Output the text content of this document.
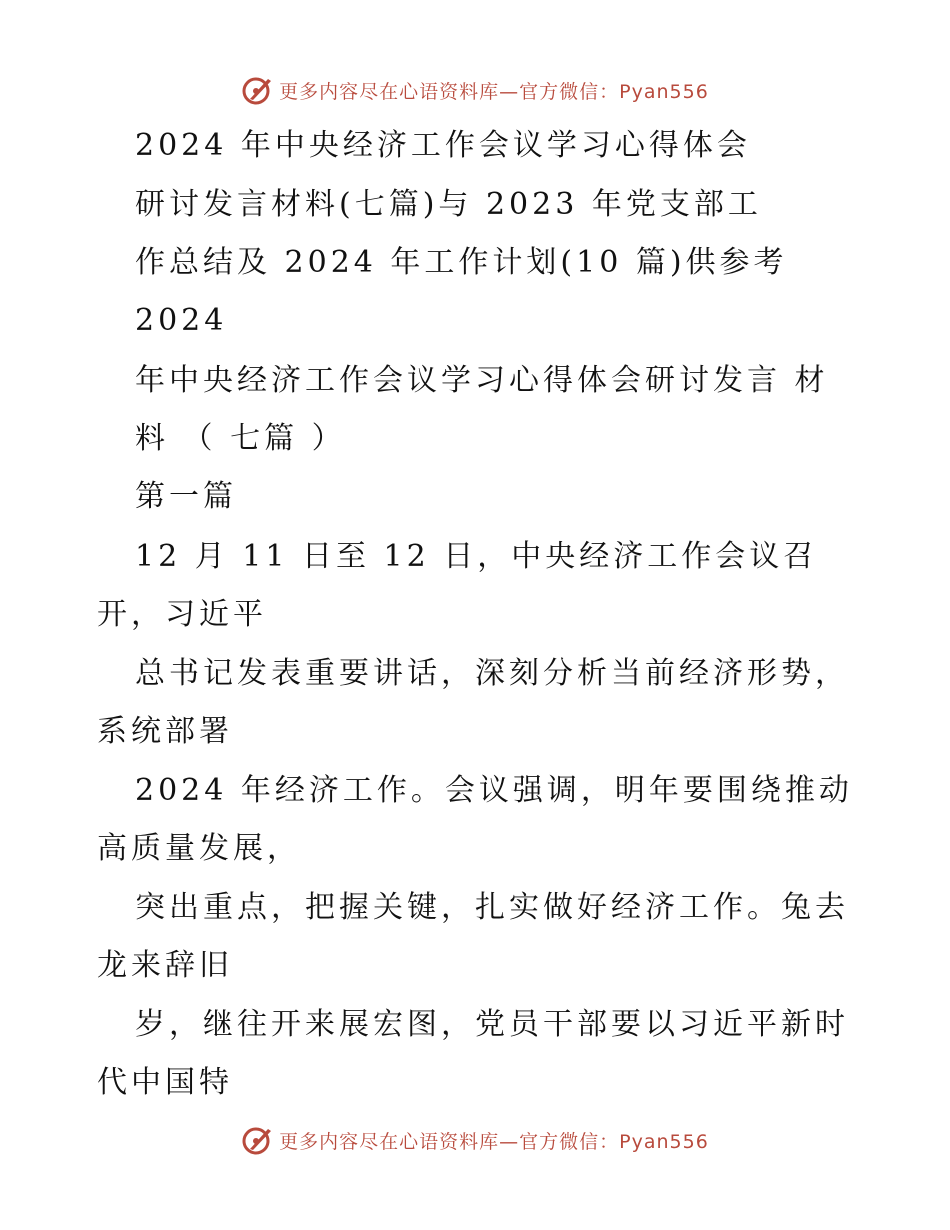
更多内容尽在心语资料库—官方微信：Pyan556
2024 年中央经济工作会议学习心得体会
研讨发言材料(七篇)与 2023 年党支部工
作总结及 2024 年工作计划(10 篇)供参考
2024
年中央经济工作会议学习心得体会研讨发言 材
料 （ 七篇 ）
第一篇
12 月 11 日至 12 日，中央经济工作会议召
开，习近平
总书记发表重要讲话，深刻分析当前经济形势，
系统部署
2024 年经济工作。会议强调，明年要围绕推动
高质量发展，
突出重点，把握关键，扎实做好经济工作。兔去
龙来辞旧
岁，继往开来展宏图，党员干部要以习近平新时
代中国特
更多内容尽在心语资料库—官方微信：Pyan556
